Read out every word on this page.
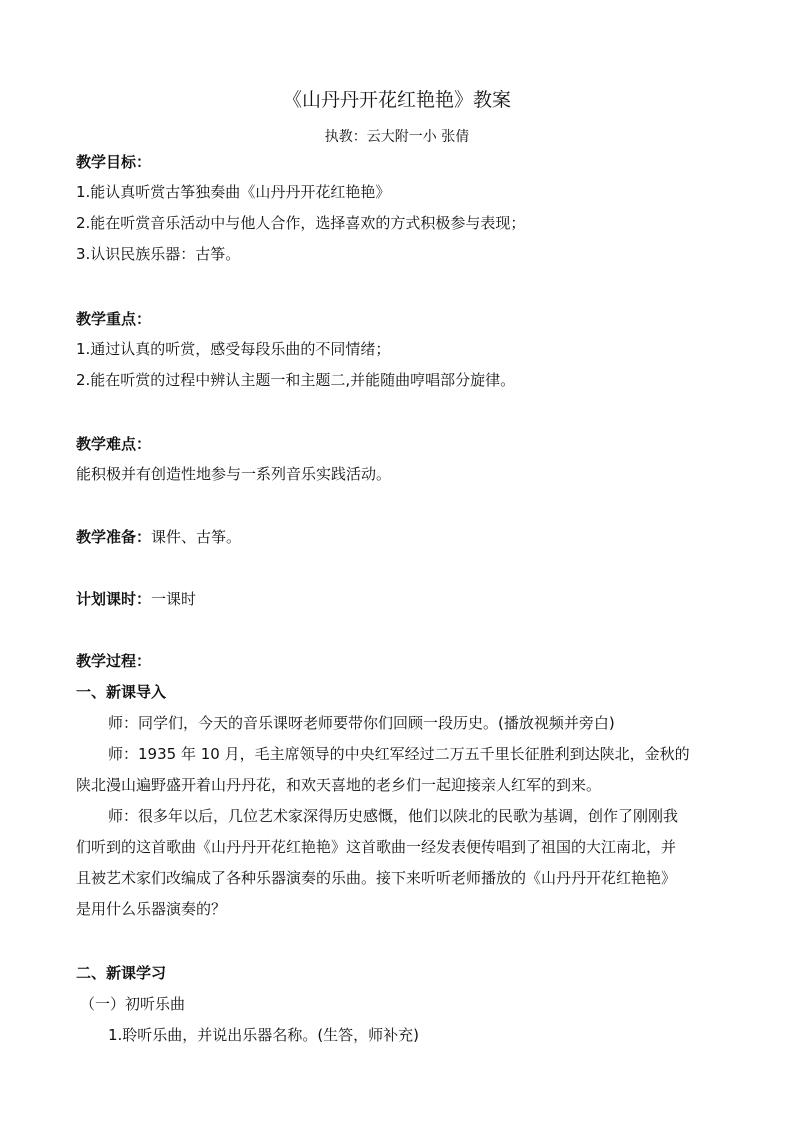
《山丹丹开花红艳艳》教案
执教：云大附一小 张倩
教学目标：
1.能认真听赏古筝独奏曲《山丹丹开花红艳艳》
2.能在听赏音乐活动中与他人合作，选择喜欢的方式积极参与表现；
3.认识民族乐器：古筝。
教学重点：
1.通过认真的听赏，感受每段乐曲的不同情绪；
2.能在听赏的过程中辨认主题一和主题二,并能随曲哼唱部分旋律。
教学难点：
能积极并有创造性地参与一系列音乐实践活动。
教学准备：课件、古筝。
计划课时：一课时
教学过程：
一、新课导入
师：同学们，今天的音乐课呀老师要带你们回顾一段历史。(播放视频并旁白)
师：1935 年 10 月，毛主席领导的中央红军经过二万五千里长征胜利到达陕北，金秋的
陕北漫山遍野盛开着山丹丹花，和欢天喜地的老乡们一起迎接亲人红军的到来。
师：很多年以后，几位艺术家深得历史感慨，他们以陕北的民歌为基调，创作了刚刚我
们听到的这首歌曲《山丹丹开花红艳艳》这首歌曲一经发表便传唱到了祖国的大江南北，并
且被艺术家们改编成了各种乐器演奏的乐曲。接下来听听老师播放的《山丹丹开花红艳艳》
是用什么乐器演奏的？
二、新课学习
（一）初听乐曲
1.聆听乐曲，并说出乐器名称。(生答，师补充)
